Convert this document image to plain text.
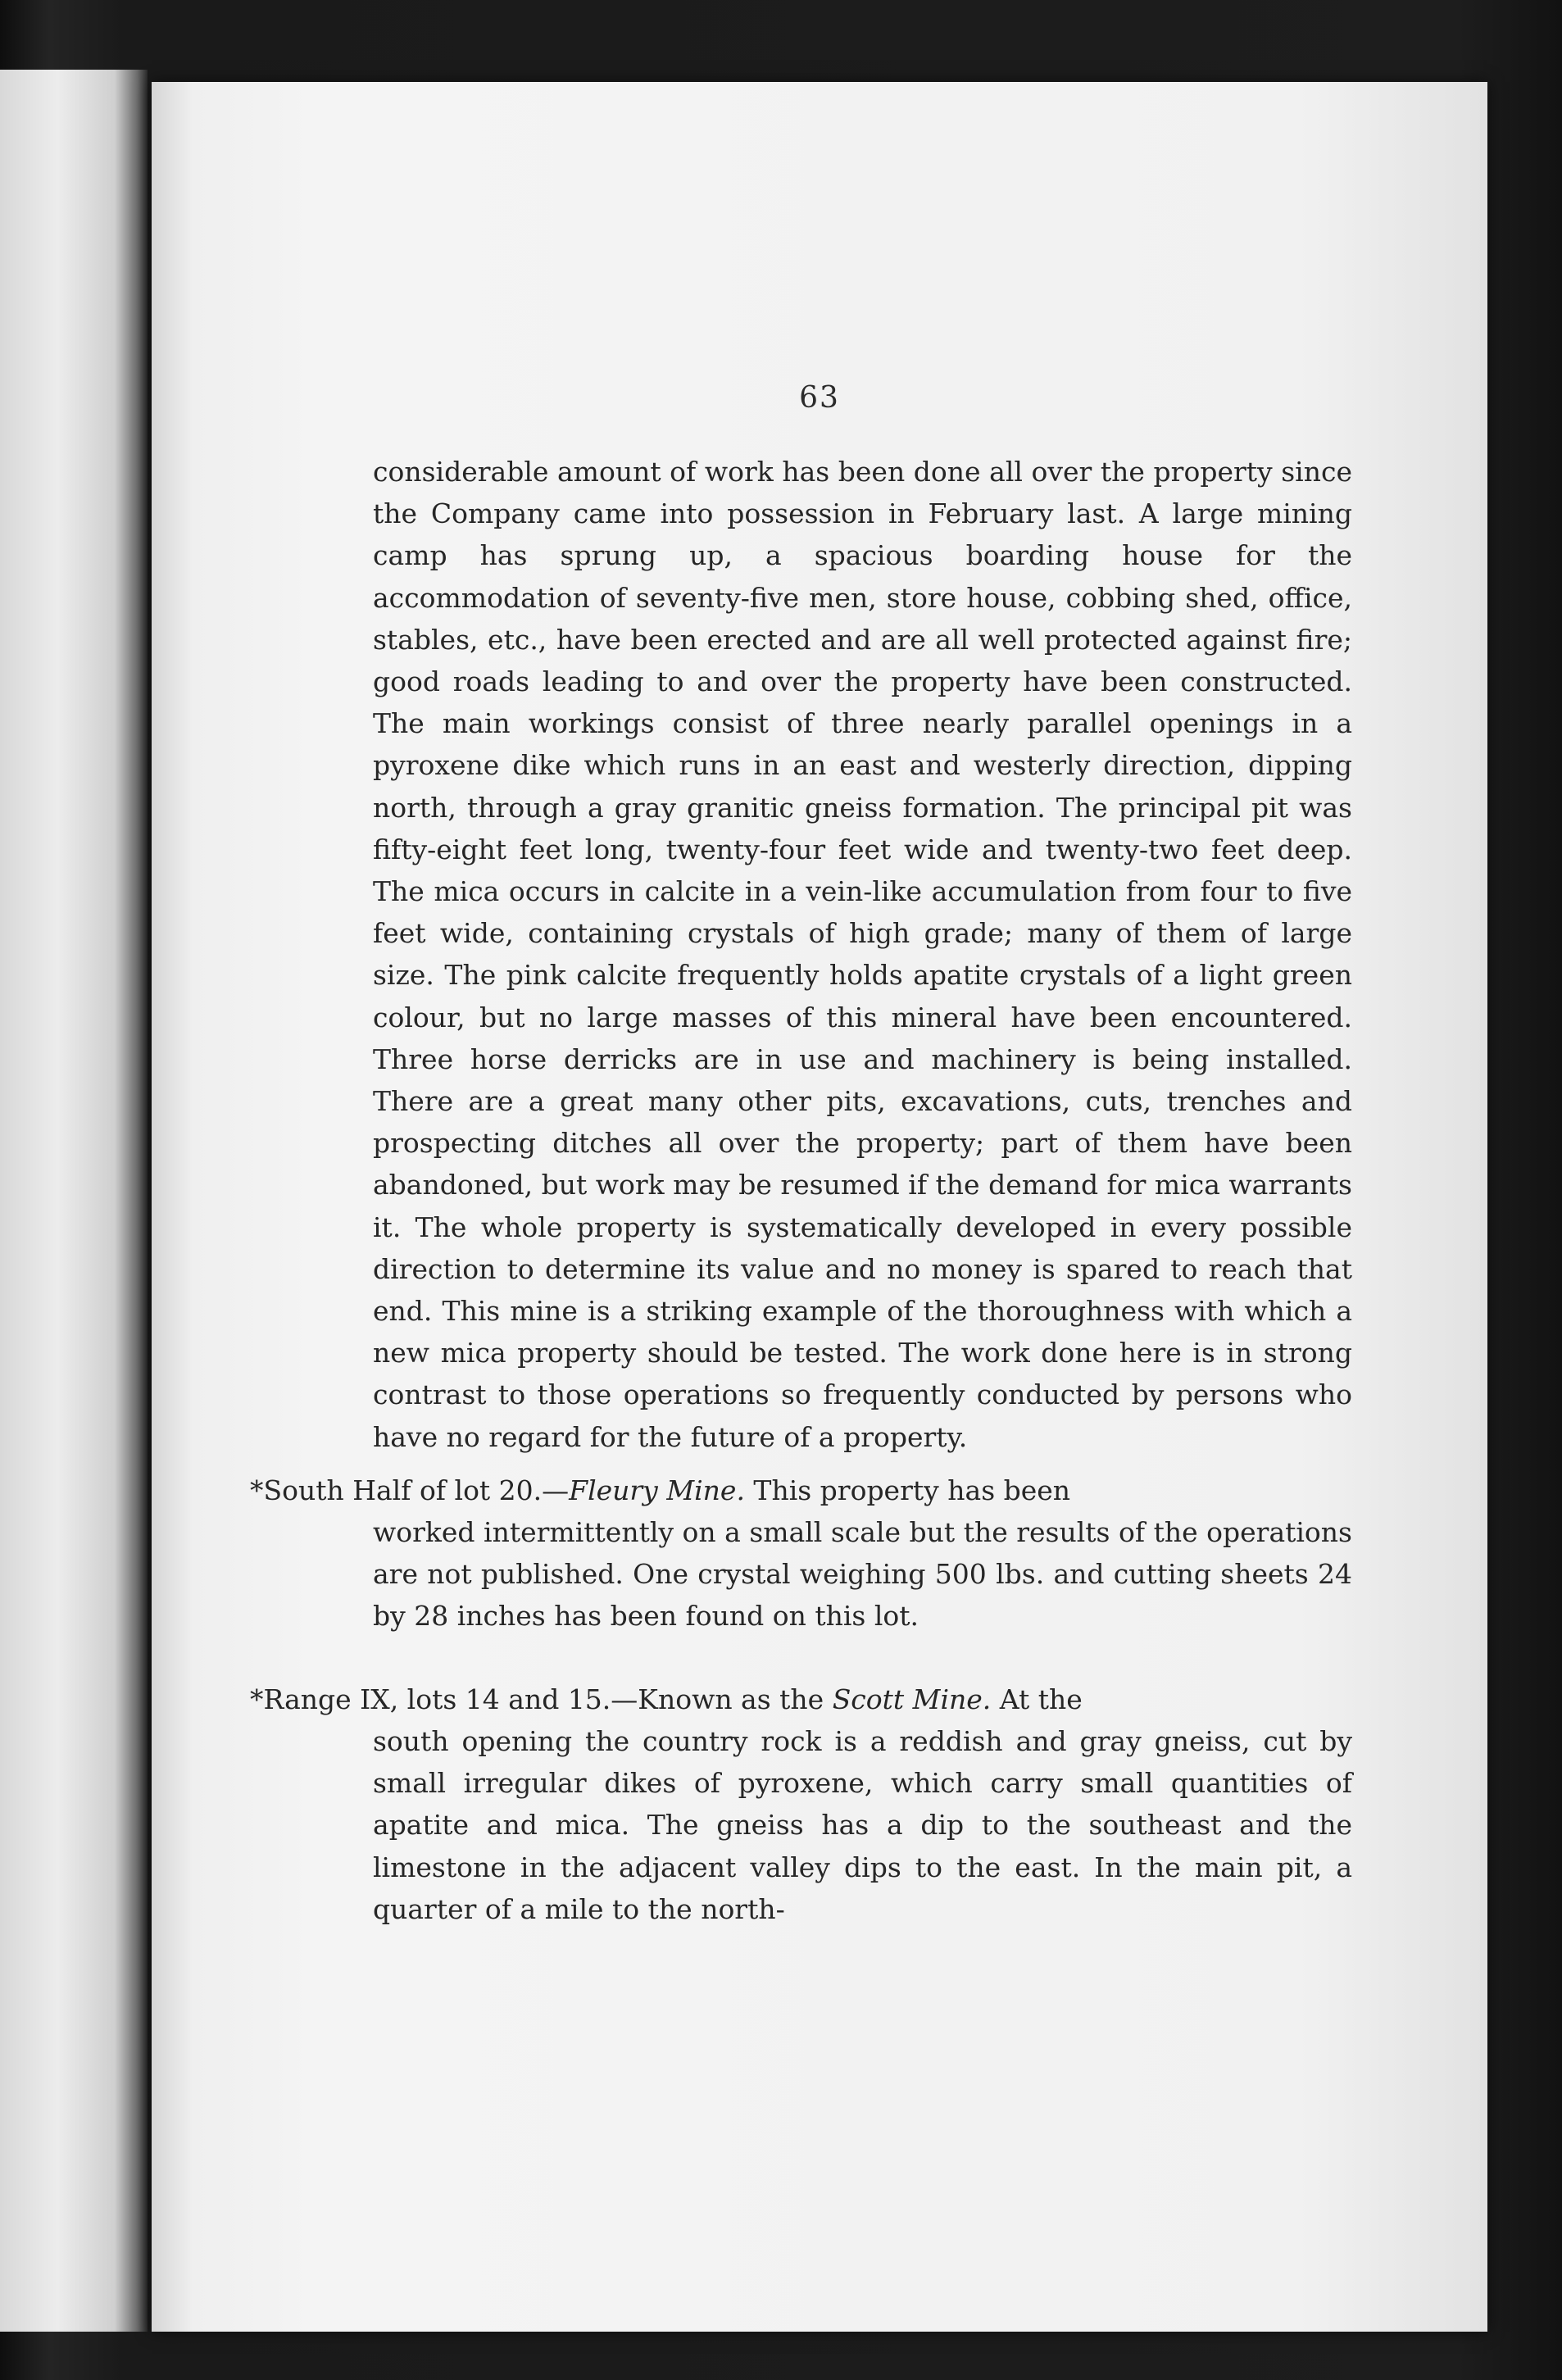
63

considerable amount of work has been done all over the property since the Company came into possession in February last. A large mining camp has sprung up, a spacious boarding house for the accommodation of seventy-five men, store house, cobbing shed, office, stables, etc., have been erected and are all well protected against fire; good roads leading to and over the property have been constructed. The main workings consist of three nearly parallel openings in a pyroxene dike which runs in an east and westerly direction, dipping north, through a gray granitic gneiss formation. The principal pit was fifty-eight feet long, twenty-four feet wide and twenty-two feet deep. The mica occurs in calcite in a vein-like accumulation from four to five feet wide, containing crystals of high grade; many of them of large size. The pink calcite frequently holds apatite crystals of a light green colour, but no large masses of this mineral have been encountered. Three horse derricks are in use and machinery is being installed. There are a great many other pits, excavations, cuts, trenches and prospecting ditches all over the property; part of them have been abandoned, but work may be resumed if the demand for mica warrants it. The whole property is systematically developed in every possible direction to determine its value and no money is spared to reach that end. This mine is a striking example of the thoroughness with which a new mica property should be tested. The work done here is in strong contrast to those operations so frequently conducted by persons who have no regard for the future of a property.

*South Half of lot 20.—Fleury Mine. This property has been
worked intermittently on a small scale but the results of the operations are not published. One crystal weighing 500 lbs. and cutting sheets 24 by 28 inches has been found on this lot.

*Range IX, lots 14 and 15.—Known as the Scott Mine. At the
south opening the country rock is a reddish and gray gneiss, cut by small irregular dikes of pyroxene, which carry small quantities of apatite and mica. The gneiss has a dip to the southeast and the limestone in the adjacent valley dips to the east. In the main pit, a quarter of a mile to the north-
